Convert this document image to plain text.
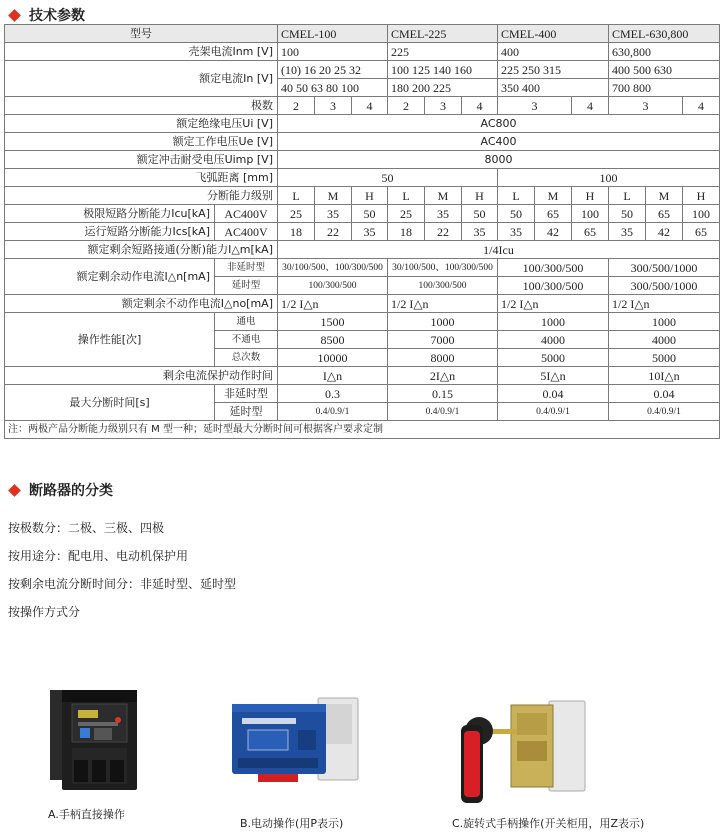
技术参数
型号		CMEL-100			CMEL-225			CMEL-400			CMEL-630,800		
壳架电流Inm [V]		100			225			400			630,800		
额定电流In [V]		(10) 16 20 25 32			100 125 140 160			225 250 315			400 500 630		
		40 50 63 80 100			180 200 225			350 400			700 800		
极数		2	3	4	2	3	4	3		4	3		4
额定绝缘电压Ui [V]		AC800											
额定工作电压Ue [V]		AC400											
额定冲击耐受电压Uimp [V]		8000											
飞弧距离 [mm]		50						100					
分断能力级别		L	M	H	L	M	H	L	M	H	L	M	H
极限短路分断能力Icu[kA]	AC400V	25	35	50	25	35	50	50	65	100	50	65	100
运行短路分断能力Ics[kA]	AC400V	18	22	35	18	22	35	35	42	65	35	42	65
额定剩余短路接通(分断)能力I△m[kA]		1/4Icu											
额定剩余动作电流I△n[mA]	非延时型	30/100/500、100/300/500			30/100/500、100/300/500			100/300/500			300/500/1000		
	延时型	100/300/500			100/300/500			100/300/500			300/500/1000		
额定剩余不动作电流I△no[mA]		1/2 I△n			1/2 I△n			1/2 I△n			1/2 I△n		
操作性能[次]	通电	1500			1000			1000			1000		
	不通电	8500			7000			4000			4000		
	总次数	10000			8000			5000			5000		
剩余电流保护动作时间		I△n			2I△n			5I△n			10I△n		
最大分断时间[s]	非延时型	0.3			0.15			0.04			0.04		
	延时型	0.4/0.9/1			0.4/0.9/1			0.4/0.9/1			0.4/0.9/1		
注：两极产品分断能力级别只有 M 型一种；延时型最大分断时间可根据客户要求定制													
断路器的分类
按极数分：二极、三极、四极
按用途分：配电用、电动机保护用
按剩余电流分断时间分：非延时型、延时型
按操作方式分
A.手柄直接操作
B.电动操作(用P表示)	C.旋转式手柄操作(开关柜用，用Z表示)
